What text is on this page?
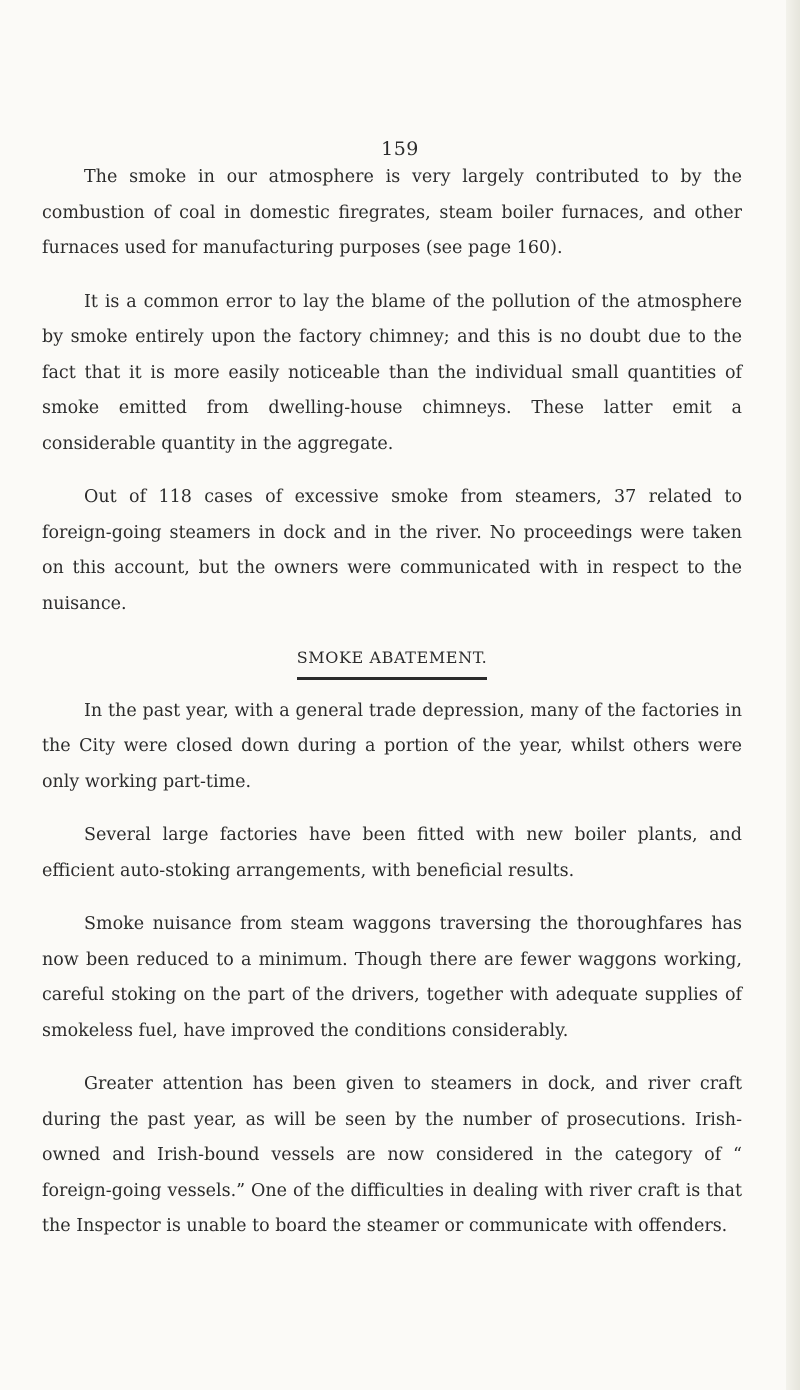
159

The smoke in our atmosphere is very largely contributed to by the combustion of coal in domestic firegrates, steam boiler furnaces, and other furnaces used for manufacturing purposes (see page 160).

It is a common error to lay the blame of the pollution of the atmosphere by smoke entirely upon the factory chimney; and this is no doubt due to the fact that it is more easily noticeable than the individual small quantities of smoke emitted from dwelling-house chimneys. These latter emit a considerable quantity in the aggregate.

Out of 118 cases of excessive smoke from steamers, 37 related to foreign-going steamers in dock and in the river. No proceedings were taken on this account, but the owners were communicated with in respect to the nuisance.

SMOKE ABATEMENT.

In the past year, with a general trade depression, many of the factories in the City were closed down during a portion of the year, whilst others were only working part-time.

Several large factories have been fitted with new boiler plants, and efficient auto-stoking arrangements, with beneficial results.

Smoke nuisance from steam waggons traversing the thoroughfares has now been reduced to a minimum. Though there are fewer waggons working, careful stoking on the part of the drivers, together with adequate supplies of smokeless fuel, have improved the conditions considerably.

Greater attention has been given to steamers in dock, and river craft during the past year, as will be seen by the number of prosecutions. Irish-owned and Irish-bound vessels are now considered in the category of “ foreign-going vessels.” One of the difficulties in dealing with river craft is that the Inspector is unable to board the steamer or communicate with offenders.
